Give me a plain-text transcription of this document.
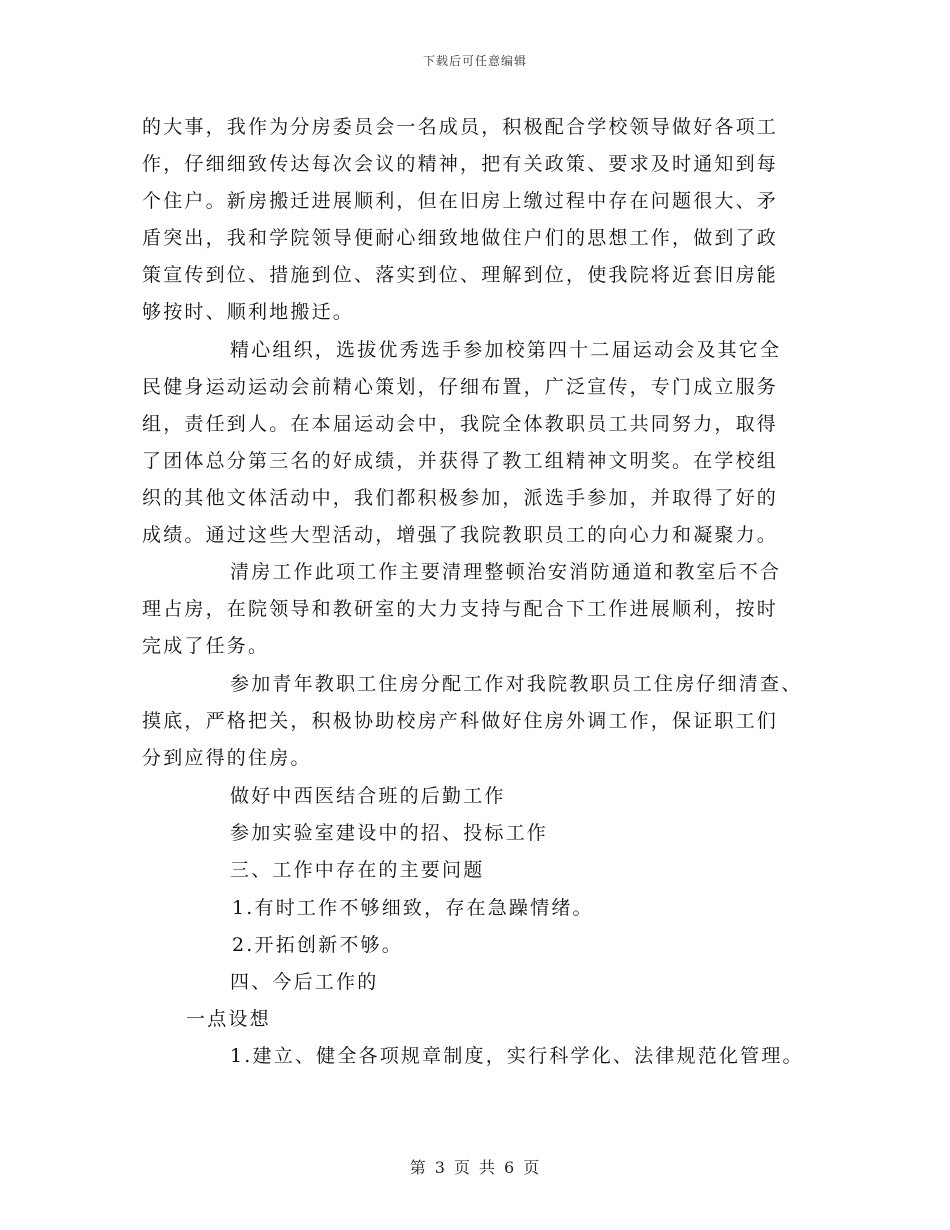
下载后可任意编辑
的大事，我作为分房委员会一名成员，积极配合学校领导做好各项工
作，仔细细致传达每次会议的精神，把有关政策、要求及时通知到每
个住户。新房搬迁进展顺利，但在旧房上缴过程中存在问题很大、矛
盾突出，我和学院领导便耐心细致地做住户们的思想工作，做到了政
策宣传到位、措施到位、落实到位、理解到位，使我院将近套旧房能
够按时、顺利地搬迁。
精心组织，选拔优秀选手参加校第四十二届运动会及其它全
民健身运动运动会前精心策划，仔细布置，广泛宣传，专门成立服务
组，责任到人。在本届运动会中，我院全体教职员工共同努力，取得
了团体总分第三名的好成绩，并获得了教工组精神文明奖。在学校组
织的其他文体活动中，我们都积极参加，派选手参加，并取得了好的
成绩。通过这些大型活动，增强了我院教职员工的向心力和凝聚力。
清房工作此项工作主要清理整顿治安消防通道和教室后不合
理占房，在院领导和教研室的大力支持与配合下工作进展顺利，按时
完成了任务。
参加青年教职工住房分配工作对我院教职员工住房仔细清查、
摸底，严格把关，积极协助校房产科做好住房外调工作，保证职工们
分到应得的住房。
做好中西医结合班的后勤工作
参加实验室建设中的招、投标工作
三、工作中存在的主要问题
1.有时工作不够细致，存在急躁情绪。
2.开拓创新不够。
四、今后工作的
一点设想
1.建立、健全各项规章制度，实行科学化、法律规范化管理。
第 3 页 共 6 页
